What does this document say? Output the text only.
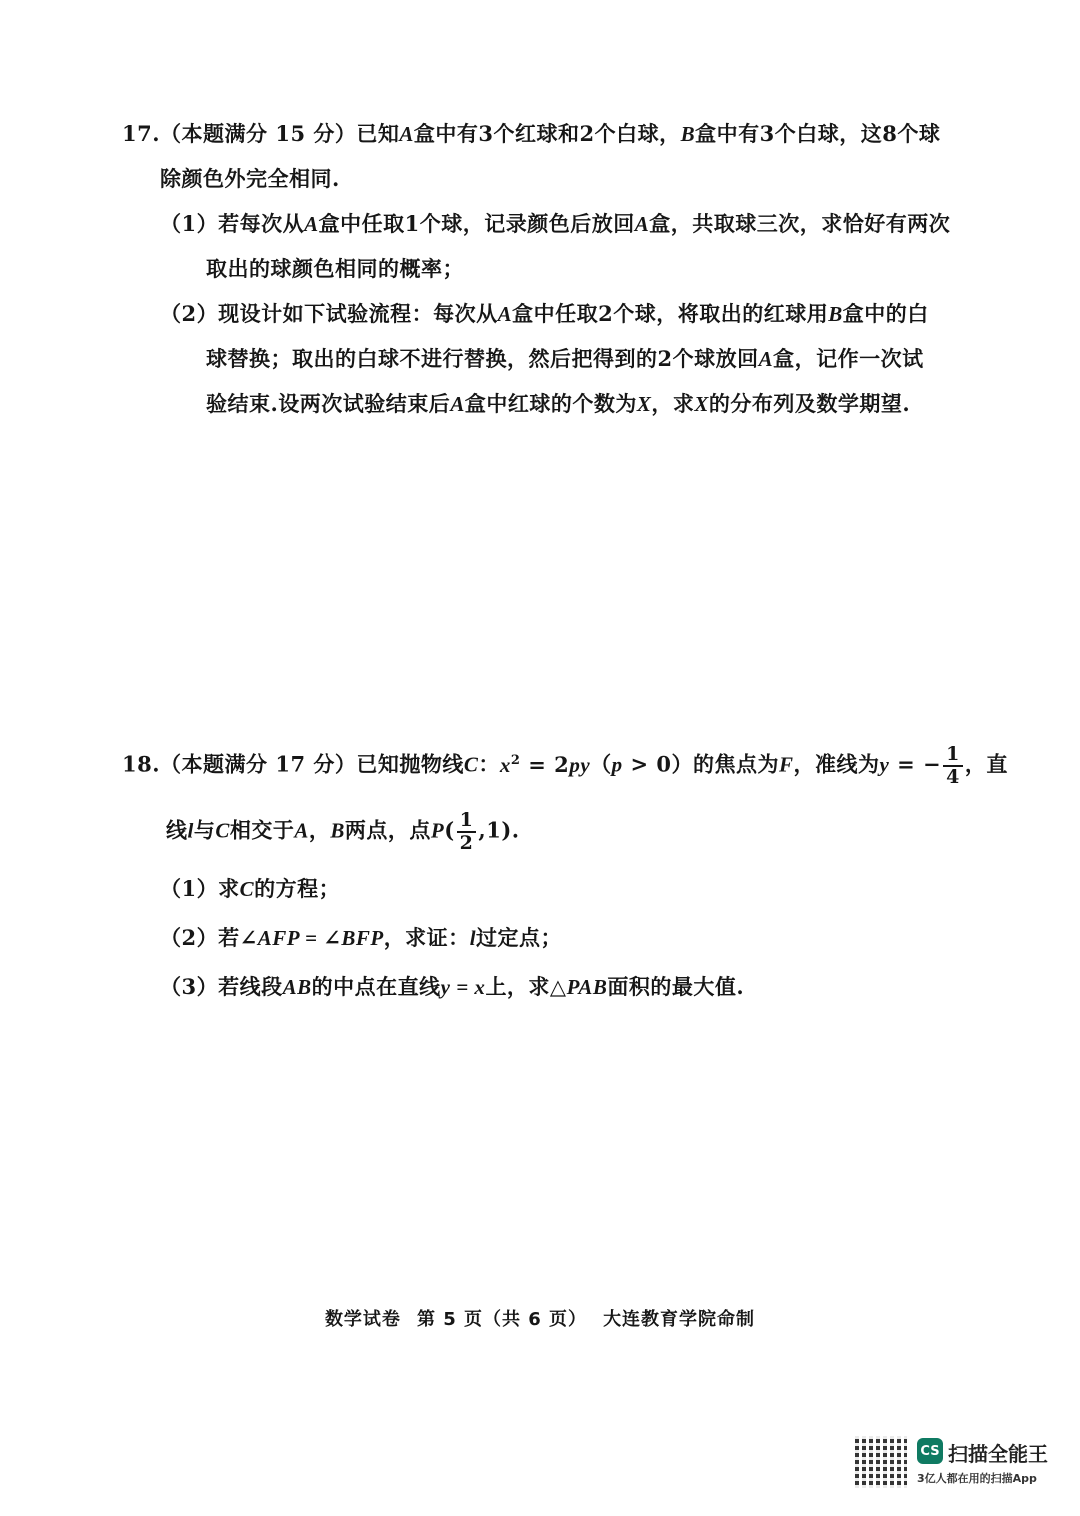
17.（本题满分 15 分）已知A盒中有3个红球和2个白球，B盒中有3个白球，这8个球
除颜色外完全相同.
（1）若每次从A盒中任取1个球，记录颜色后放回A盒，共取球三次，求恰好有两次
取出的球颜色相同的概率；
（2）现设计如下试验流程：每次从A盒中任取2个球，将取出的红球用B盒中的白
球替换；取出的白球不进行替换，然后把得到的2个球放回A盒，记作一次试
验结束.设两次试验结束后A盒中红球的个数为X，求X的分布列及数学期望.
18.（本题满分 17 分）已知抛物线C：$x^2 = 2py(p > 0)$的焦点为F，准线为y = − $\frac{1}{4}$ ，直
线l与C相交于A，B两点，点$P( \frac{1}{2} ,1)$.
（1）求C的方程；
（2）若∠AFP = ∠BFP，求证：l过定点；
（3）若线段AB的中点在直线y = x上，求△PAB面积的最大值.
数学试卷 第 5 页（共 6 页） 大连教育学院命制
CS 扫描全能王
3亿人都在用的扫描App
